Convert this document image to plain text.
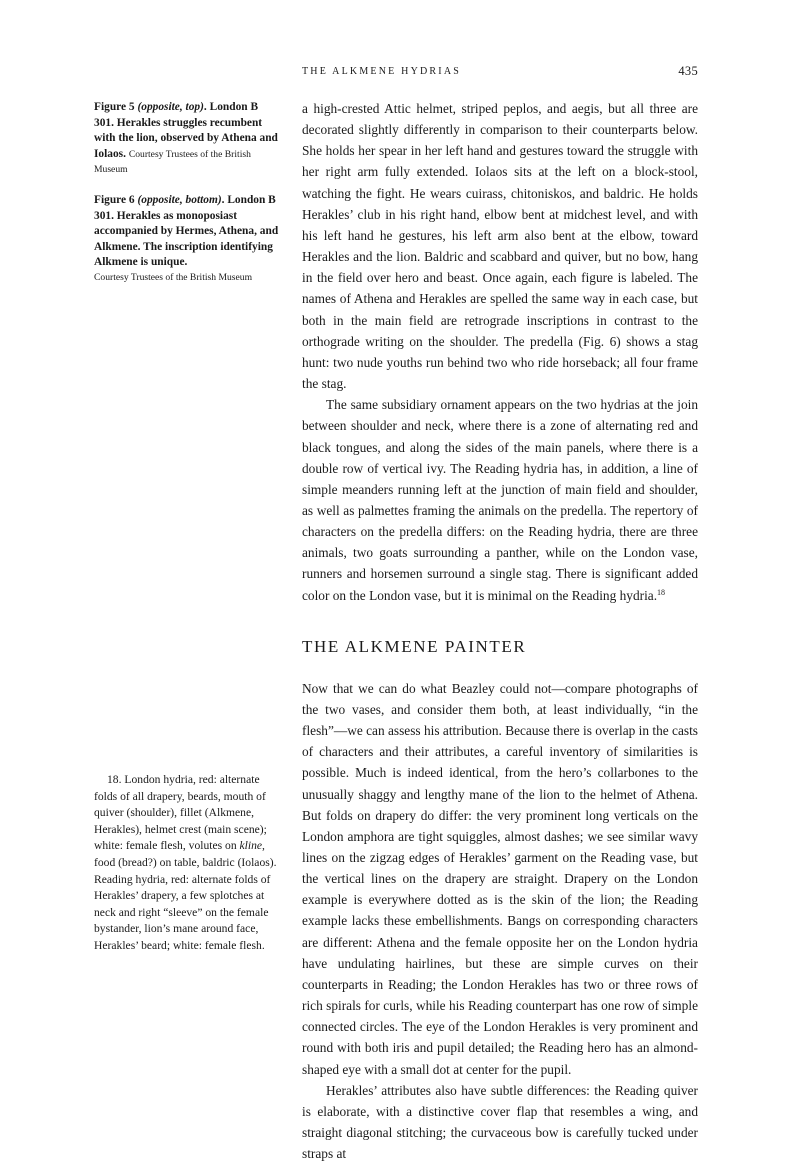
THE ALKMENE HYDRIAS	435

Figure 5 (opposite, top). London B 301. Herakles struggles recumbent with the lion, observed by Athena and Iolaos. Courtesy Trustees of the British Museum

Figure 6 (opposite, bottom). London B 301. Herakles as monoposiast accompanied by Hermes, Athena, and Alkmene. The inscription identifying Alkmene is unique.

Courtesy Trustees of the British Museum

18. London hydria, red: alternate folds of all drapery, beards, mouth of quiver (shoulder), fillet (Alkmene, Herakles), helmet crest (main scene); white: female flesh, volutes on kline, food (bread?) on table, baldric (Iolaos). Reading hydria, red: alternate folds of Herakles’ drapery, a few splotches at neck and right “sleeve” on the female bystander, lion’s mane around face, Herakles’ beard; white: female flesh.

a high-crested Attic helmet, striped peplos, and aegis, but all three are decorated slightly differently in comparison to their counterparts below. She holds her spear in her left hand and gestures toward the struggle with her right arm fully extended. Iolaos sits at the left on a block-stool, watching the fight. He wears cuirass, chitoniskos, and baldric. He holds Herakles’ club in his right hand, elbow bent at midchest level, and with his left hand he gestures, his left arm also bent at the elbow, toward Herakles and the lion. Baldric and scabbard and quiver, but no bow, hang in the field over hero and beast. Once again, each figure is labeled. The names of Athena and Herakles are spelled the same way in each case, but both in the main field are retrograde inscriptions in contrast to the orthograde writing on the shoulder. The predella (Fig. 6) shows a stag hunt: two nude youths run behind two who ride horseback; all four frame the stag.

The same subsidiary ornament appears on the two hydrias at the join between shoulder and neck, where there is a zone of alternating red and black tongues, and along the sides of the main panels, where there is a double row of vertical ivy. The Reading hydria has, in addition, a line of simple meanders running left at the junction of main field and shoulder, as well as palmettes framing the animals on the predella. The repertory of characters on the predella differs: on the Reading hydria, there are three animals, two goats surrounding a panther, while on the London vase, runners and horsemen surround a single stag. There is significant added color on the London vase, but it is minimal on the Reading hydria.$^{18}$

THE ALKMENE PAINTER

Now that we can do what Beazley could not—compare photographs of the two vases, and consider them both, at least individually, “in the flesh”—we can assess his attribution. Because there is overlap in the casts of characters and their attributes, a careful inventory of similarities is possible. Much is indeed identical, from the hero’s collarbones to the unusually shaggy and lengthy mane of the lion to the helmet of Athena. But folds on drapery do differ: the very prominent long verticals on the London amphora are tight squiggles, almost dashes; we see similar wavy lines on the zigzag edges of Herakles’ garment on the Reading vase, but the vertical lines on the drapery are straight. Drapery on the London example is everywhere dotted as is the skin of the lion; the Reading example lacks these embellishments. Bangs on corresponding characters are different: Athena and the female opposite her on the London hydria have undulating hairlines, but these are simple curves on their counterparts in Reading; the London Herakles has two or three rows of rich spirals for curls, while his Reading counterpart has one row of simple connected circles. The eye of the London Herakles is very prominent and round with both iris and pupil detailed; the Reading hero has an almond-shaped eye with a small dot at center for the pupil.

Herakles’ attributes also have subtle differences: the Reading quiver is elaborate, with a distinctive cover flap that resembles a wing, and straight diagonal stitching; the curvaceous bow is carefully tucked under straps at
